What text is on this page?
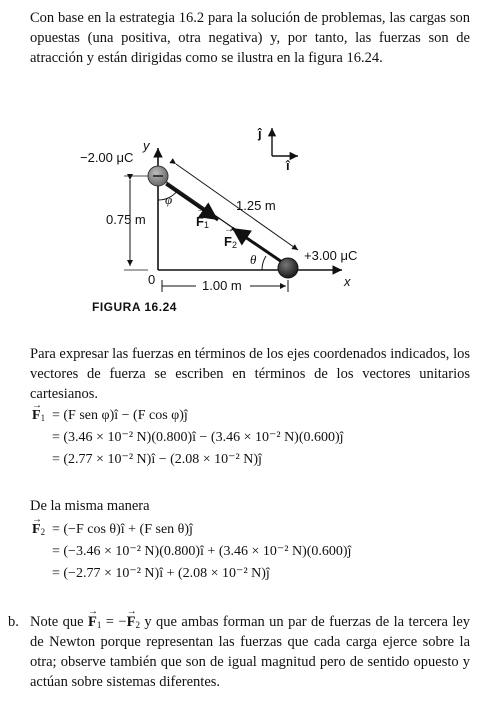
Con base en la estrategia 16.2 para la solución de problemas, las cargas son opuestas (una positiva, otra negativa) y, por tanto, las fuerzas son de atracción y están dirigidas como se ilustra en la figura 16.24.
y
x
0
−2.00 μC
+3.00 μC
1.25 m
0.75 m
1.00 m
φ
θ
→ $F_1$
→ $F_2$
ĵ
î
FIGURA 16.24
Para expresar las fuerzas en términos de los ejes coordenados indicados, los vectores de fuerza se escriben en términos de los vectores unitarios cartesianos.
→ $F_1 = (F$ sen φ)î − (F cos φ)ĵ
= (3.46 × 10⁻² N)(0.800)î − (3.46 × 10⁻² N)(0.600)ĵ
= (2.77 × 10⁻² N)î − (2.08 × 10⁻² N)ĵ
De la misma manera
→ $F_2 = (-F$ cos θ)î + (F sen θ)ĵ
= (−3.46 × 10⁻² N)(0.800)î + (3.46 × 10⁻² N)(0.600)ĵ
= (−2.77 × 10⁻² N)î + (2.08 × 10⁻² N)ĵ
b. Note que → $F_1$ = −→ $F_2$ y que ambas forman un par de fuerzas de la tercera ley de Newton porque representan las fuerzas que cada carga ejerce sobre la otra; observe también que son de igual magnitud pero de sentido opuesto y actúan sobre sistemas diferentes.
